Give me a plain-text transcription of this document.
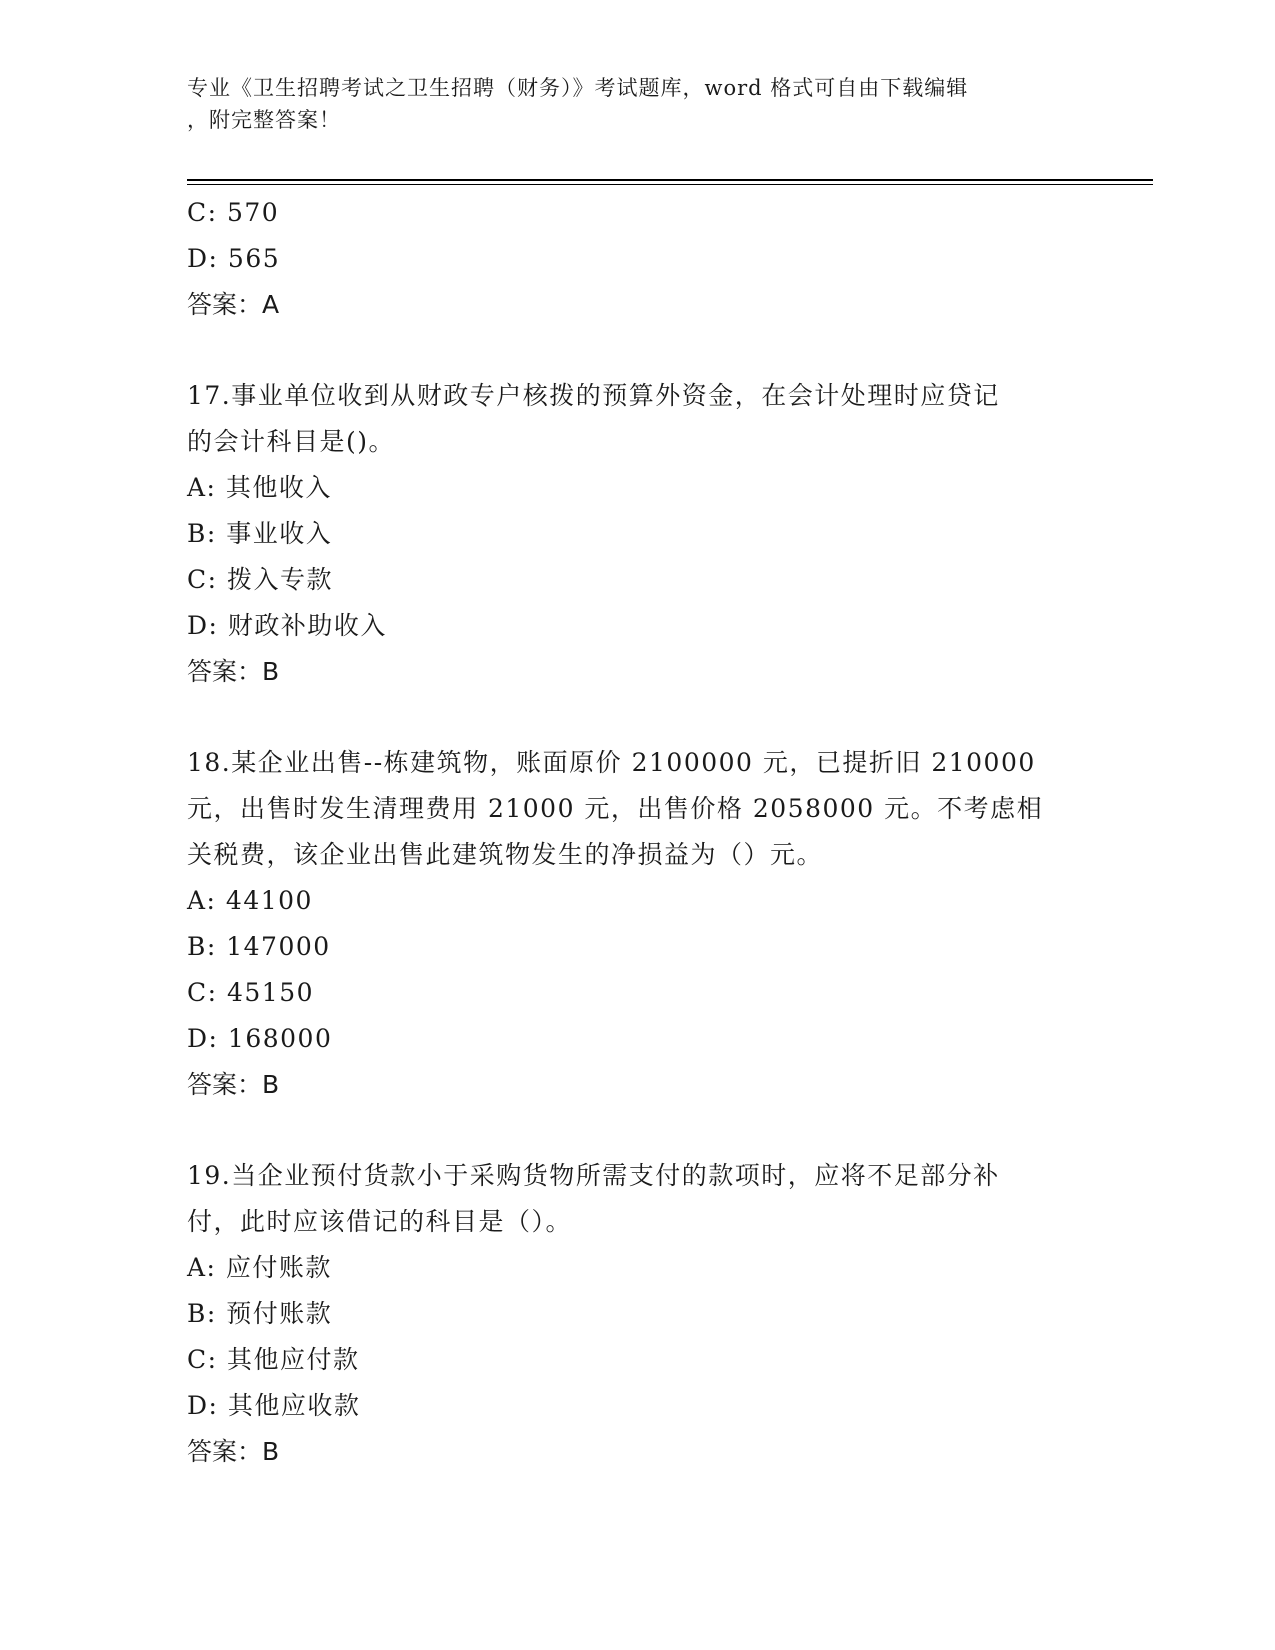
专业《卫生招聘考试之卫生招聘（财务）》考试题库，word 格式可自由下载编辑
，附完整答案！
C: 570
D: 565
答案：A
17.事业单位收到从财政专户核拨的预算外资金，在会计处理时应贷记
的会计科目是()。
A: 其他收入
B: 事业收入
C: 拨入专款
D: 财政补助收入
答案：B
18.某企业出售--栋建筑物，账面原价 2100000 元，已提折旧 210000
元，出售时发生清理费用 21000 元，出售价格 2058000 元。不考虑相
关税费，该企业出售此建筑物发生的净损益为（）元。
A: 44100
B: 147000
C: 45150
D: 168000
答案：B
19.当企业预付货款小于采购货物所需支付的款项时，应将不足部分补
付，此时应该借记的科目是（）。
A: 应付账款
B: 预付账款
C: 其他应付款
D: 其他应收款
答案：B
